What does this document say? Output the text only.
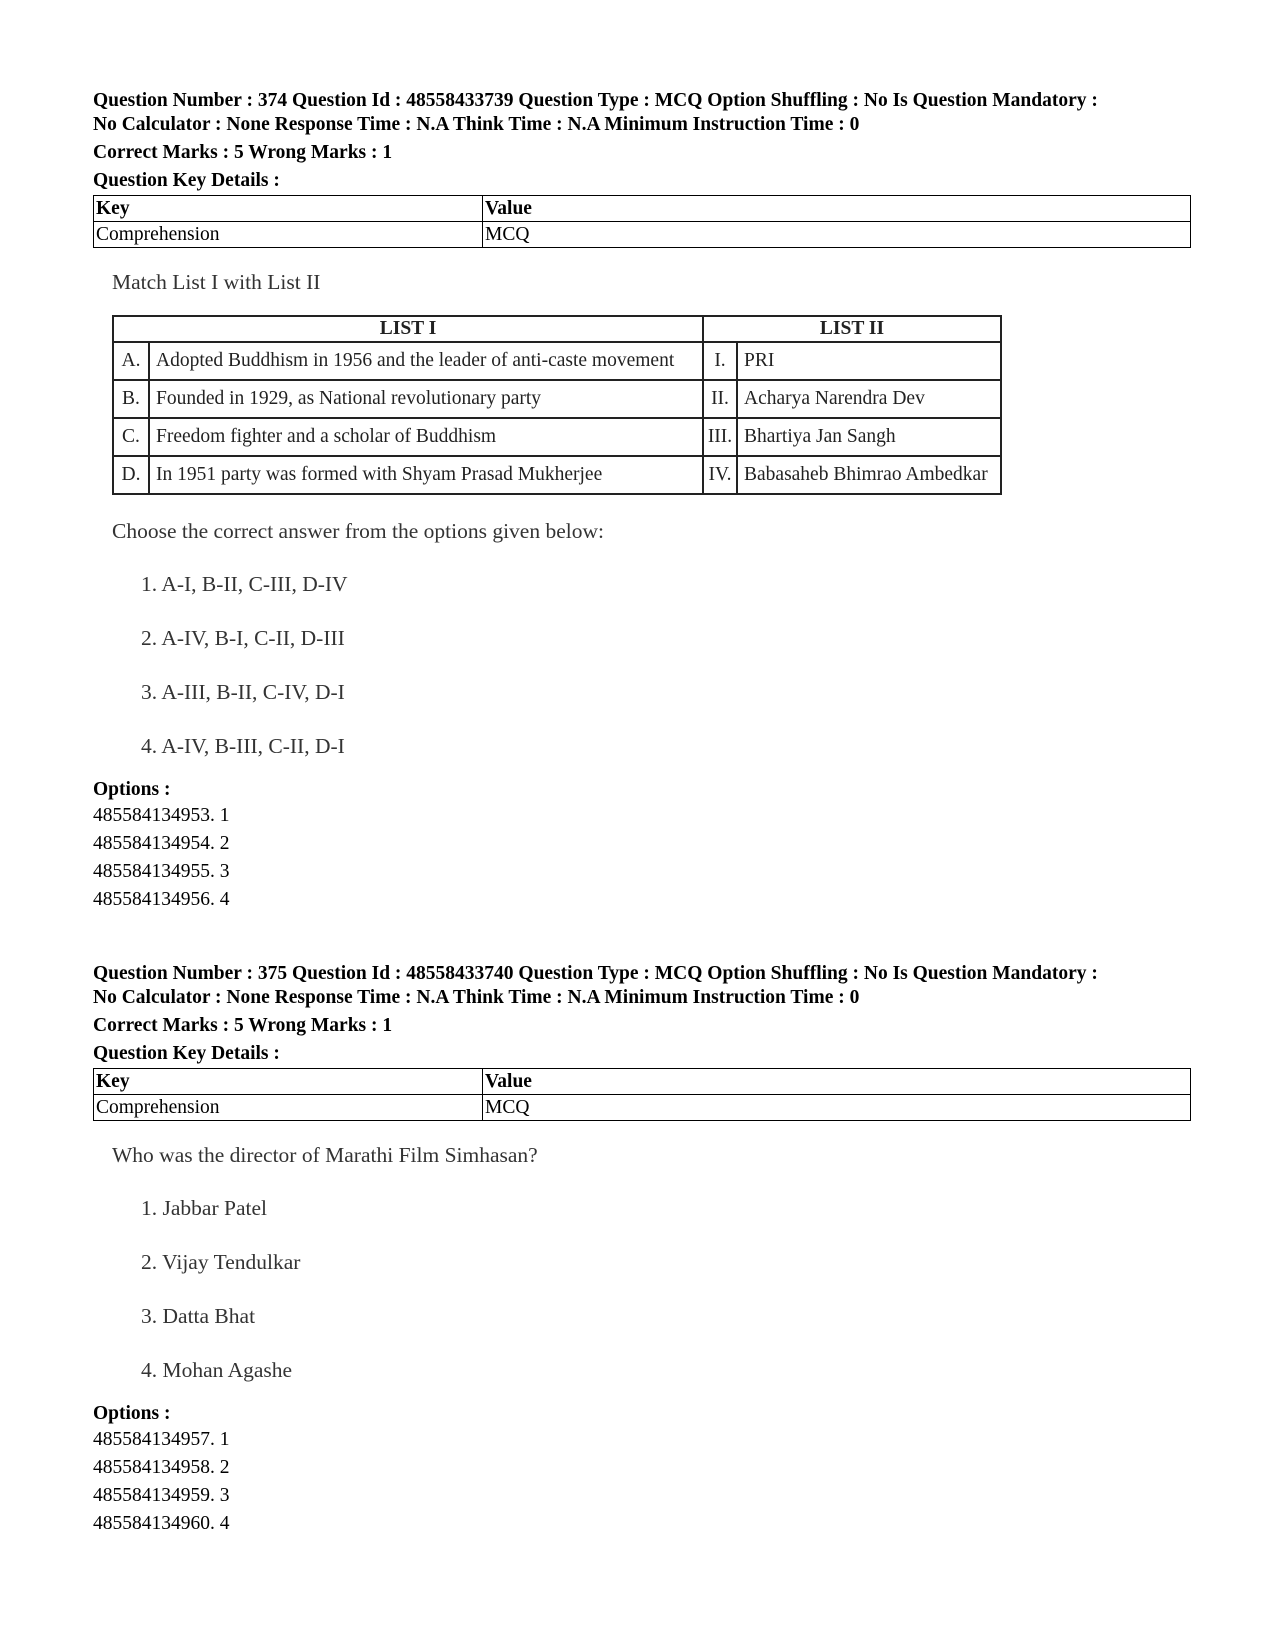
Question Number : 374 Question Id : 48558433739 Question Type : MCQ Option Shuffling : No Is Question Mandatory :
No Calculator : None Response Time : N.A Think Time : N.A Minimum Instruction Time : 0
Correct Marks : 5 Wrong Marks : 1
Question Key Details :
Key	Value
Comprehension	MCQ
Match List I with List II
LIST I		LIST II	
A.	Adopted Buddhism in 1956 and the leader of anti-caste movement	I.	PRI
B.	Founded in 1929, as National revolutionary party	II.	Acharya Narendra Dev
C.	Freedom fighter and a scholar of Buddhism	III.	Bhartiya Jan Sangh
D.	In 1951 party was formed with Shyam Prasad Mukherjee	IV.	Babasaheb Bhimrao Ambedkar
Choose the correct answer from the options given below:
1. A-I, B-II, C-III, D-IV
2. A-IV, B-I, C-II, D-III
3. A-III, B-II, C-IV, D-I
4. A-IV, B-III, C-II, D-I
Options :
485584134953. 1
485584134954. 2
485584134955. 3
485584134956. 4
Question Number : 375 Question Id : 48558433740 Question Type : MCQ Option Shuffling : No Is Question Mandatory :
No Calculator : None Response Time : N.A Think Time : N.A Minimum Instruction Time : 0
Correct Marks : 5 Wrong Marks : 1
Question Key Details :
Key	Value
Comprehension	MCQ
Who was the director of Marathi Film Simhasan?
1. Jabbar Patel
2. Vijay Tendulkar
3. Datta Bhat
4. Mohan Agashe
Options :
485584134957. 1
485584134958. 2
485584134959. 3
485584134960. 4
